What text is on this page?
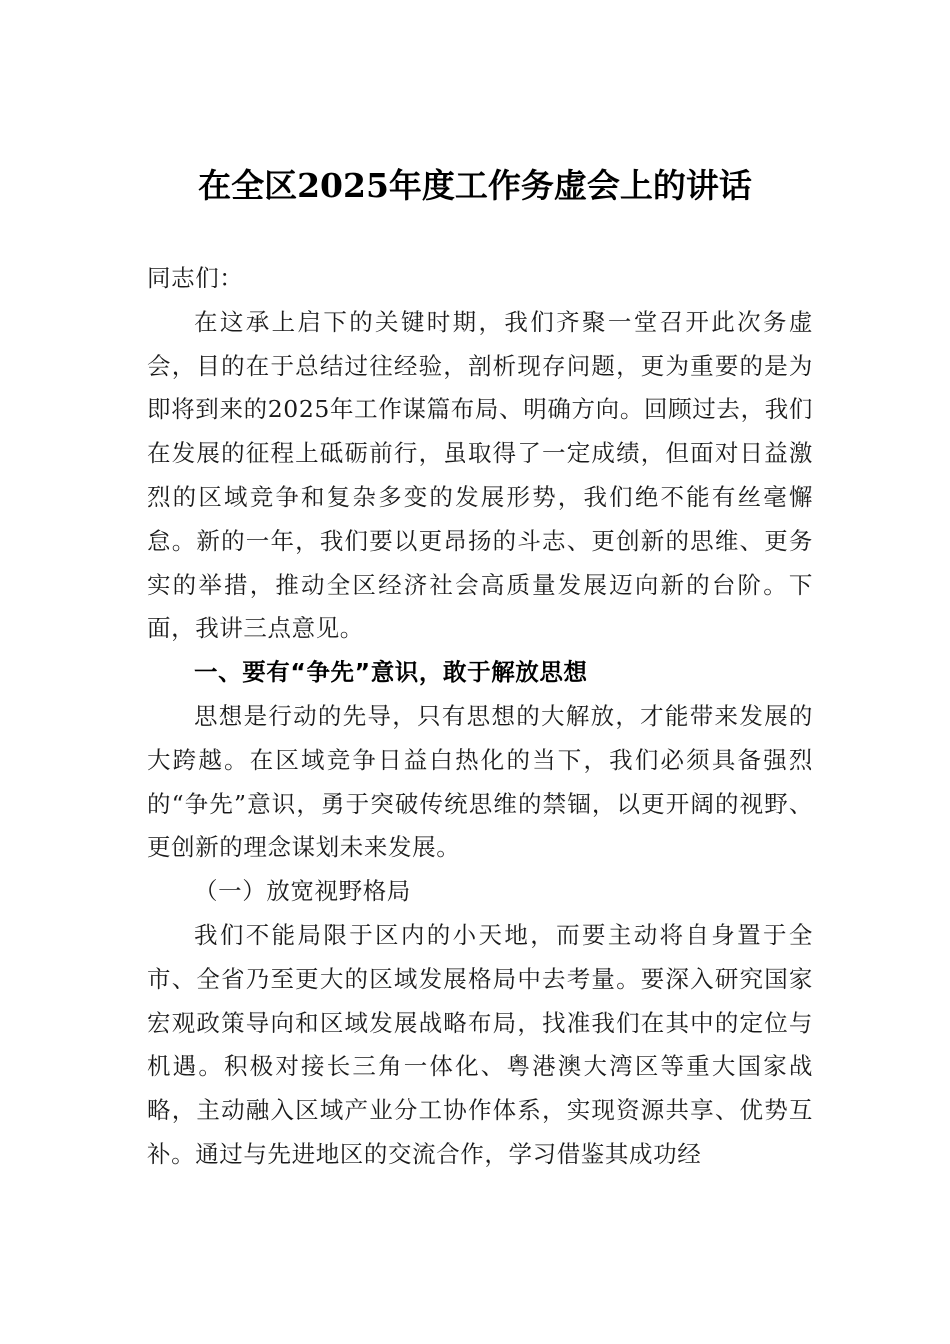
在全区2025年度工作务虚会上的讲话

同志们：

在这承上启下的关键时期，我们齐聚一堂召开此次务虚会，目的在于总结过往经验，剖析现存问题，更为重要的是为即将到来的2025年工作谋篇布局、明确方向。回顾过去，我们在发展的征程上砥砺前行，虽取得了一定成绩，但面对日益激烈的区域竞争和复杂多变的发展形势，我们绝不能有丝毫懈怠。新的一年，我们要以更昂扬的斗志、更创新的思维、更务实的举措，推动全区经济社会高质量发展迈向新的台阶。下面，我讲三点意见。

一、要有“争先”意识，敢于解放思想

思想是行动的先导，只有思想的大解放，才能带来发展的大跨越。在区域竞争日益白热化的当下，我们必须具备强烈的“争先”意识，勇于突破传统思维的禁锢，以更开阔的视野、更创新的理念谋划未来发展。

（一）放宽视野格局

我们不能局限于区内的小天地，而要主动将自身置于全市、全省乃至更大的区域发展格局中去考量。要深入研究国家宏观政策导向和区域发展战略布局，找准我们在其中的定位与机遇。积极对接长三角一体化、粤港澳大湾区等重大国家战略，主动融入区域产业分工协作体系，实现资源共享、优势互补。通过与先进地区的交流合作，学习借鉴其成功经
